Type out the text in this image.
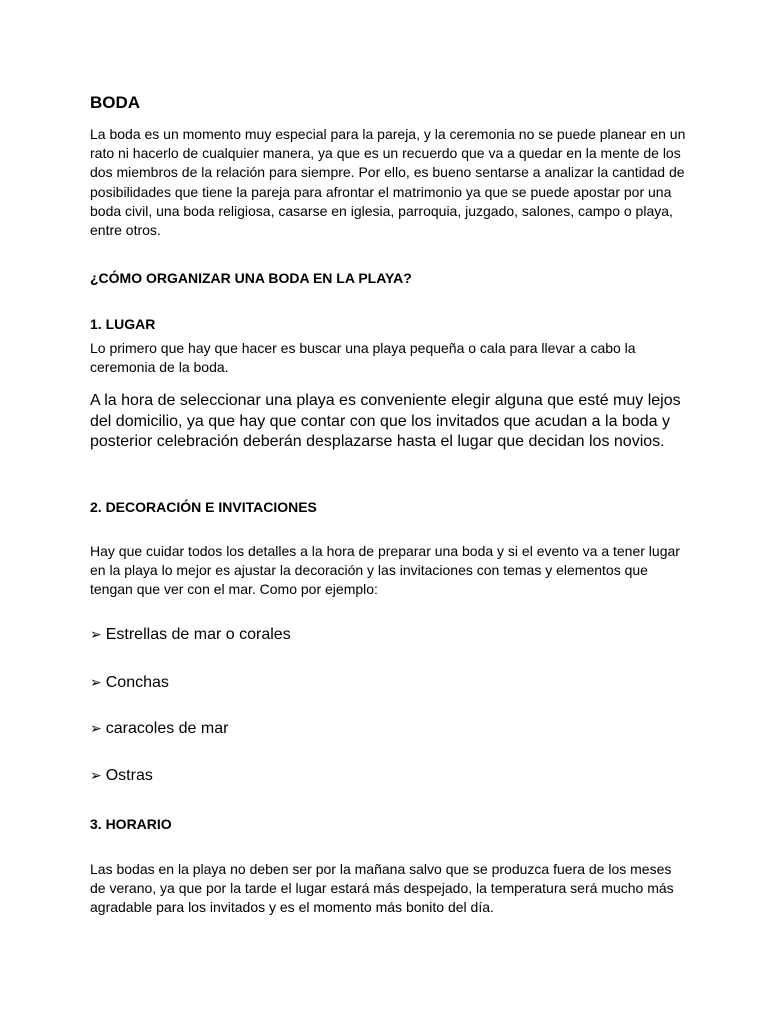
BODA

La boda es un momento muy especial para la pareja, y la ceremonia no se puede planear en un rato ni hacerlo de cualquier manera, ya que es un recuerdo que va a quedar en la mente de los dos miembros de la relación para siempre. Por ello, es bueno sentarse a analizar la cantidad de posibilidades que tiene la pareja para afrontar el matrimonio ya que se puede apostar por una boda civil, una boda religiosa, casarse en iglesia, parroquia, juzgado, salones, campo o playa, entre otros.

¿CÓMO ORGANIZAR UNA BODA EN LA PLAYA?
1. LUGAR

Lo primero que hay que hacer es buscar una playa pequeña o cala para llevar a cabo la ceremonia de la boda.

A la hora de seleccionar una playa es conveniente elegir alguna que esté muy lejos del domicilio, ya que hay que contar con que los invitados que acudan a la boda y posterior celebración deberán desplazarse hasta el lugar que decidan los novios.

2. DECORACIÓN E INVITACIONES

Hay que cuidar todos los detalles a la hora de preparar una boda y si el evento va a tener lugar en la playa lo mejor es ajustar la decoración y las invitaciones con temas y elementos que tengan que ver con el mar. Como por ejemplo:

➢ Estrellas de mar o corales
➢ Conchas
➢ caracoles de mar
➢ Ostras
3. HORARIO

Las bodas en la playa no deben ser por la mañana salvo que se produzca fuera de los meses de verano, ya que por la tarde el lugar estará más despejado, la temperatura será mucho más agradable para los invitados y es el momento más bonito del día.
